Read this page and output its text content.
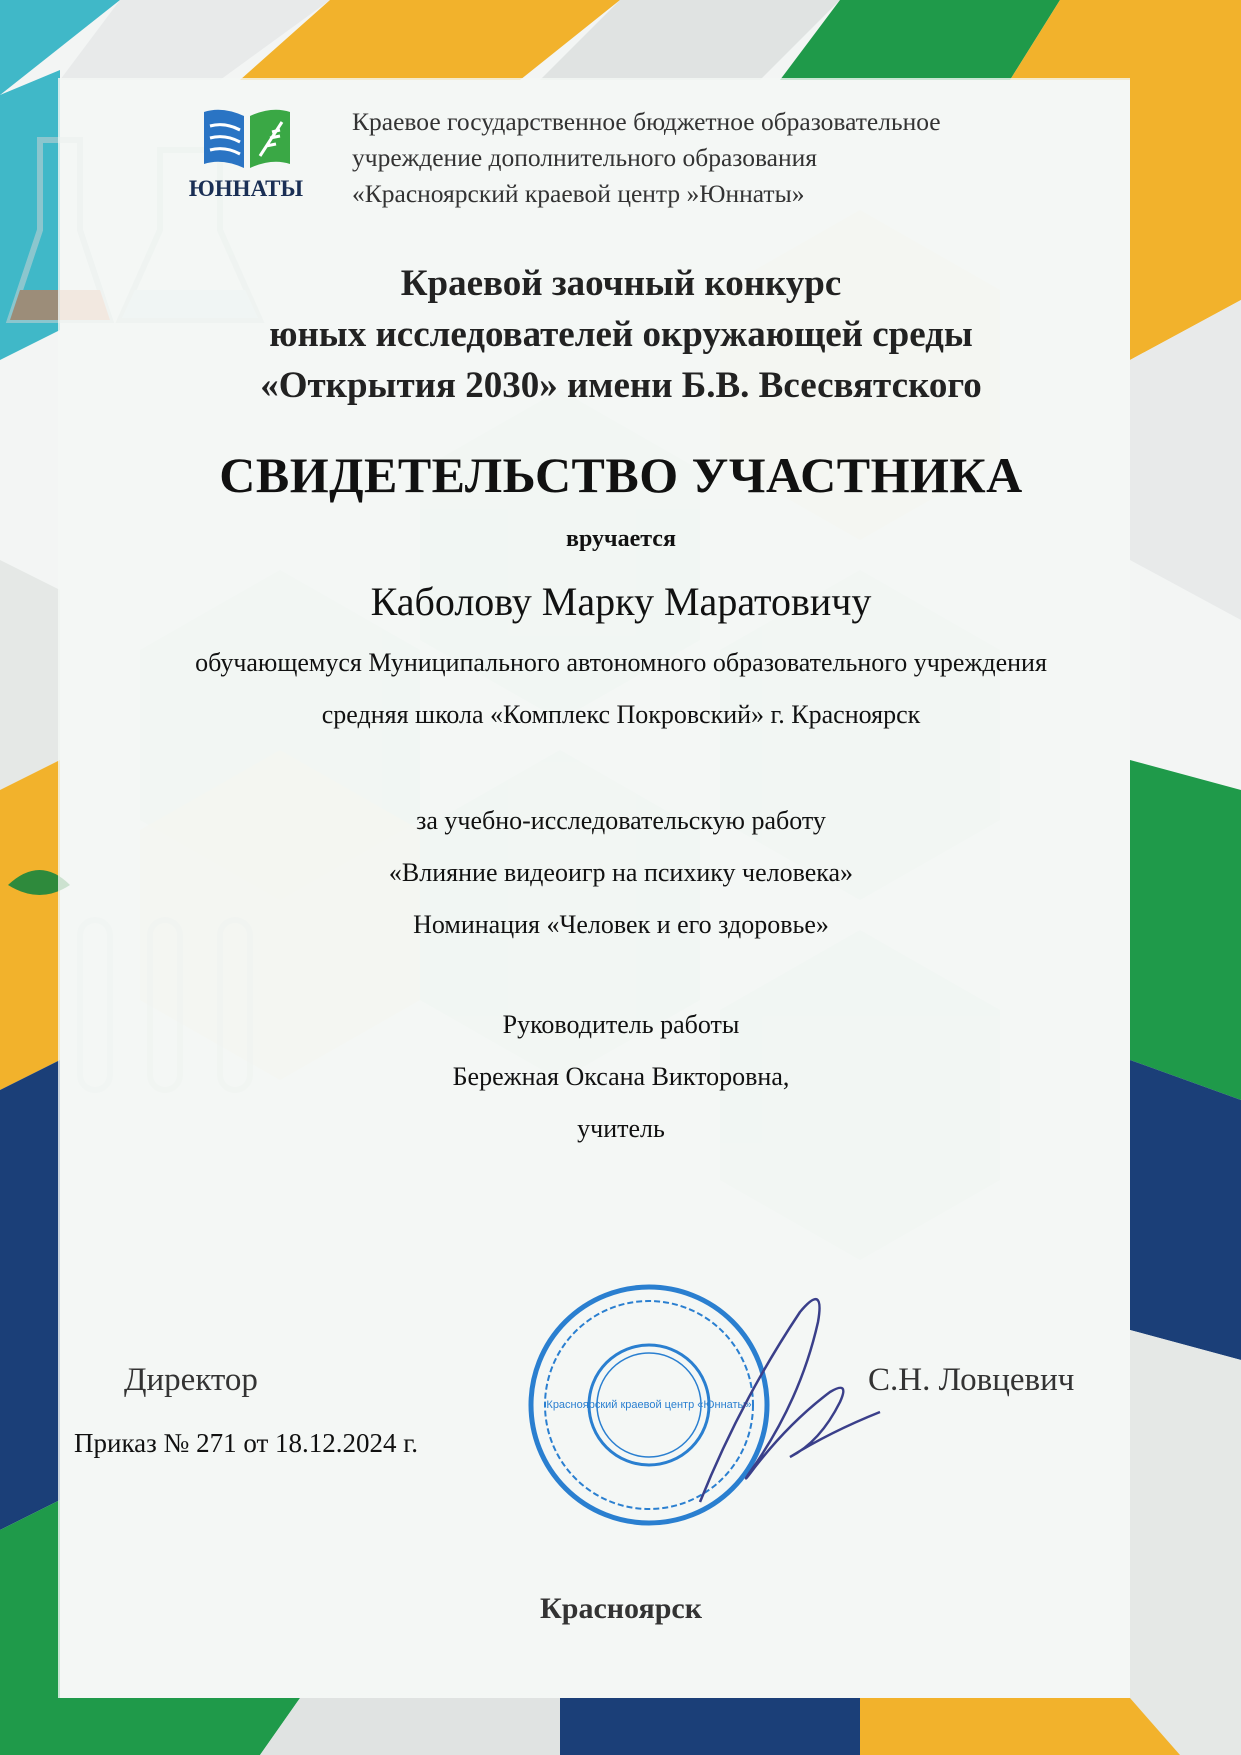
ЮННАТЫ
Краевое государственное бюджетное образовательное
учреждение дополнительного образования
«Красноярский краевой центр »Юннаты»
Краевой заочный конкурс
юных исследователей окружающей среды
«Открытия 2030» имени Б.В. Всесвятского
СВИДЕТЕЛЬСТВО УЧАСТНИКА
вручается
Каболову Марку Маратовичу
обучающемуся Муниципального автономного образовательного учреждения
средняя школа «Комплекс Покровский» г. Красноярск
за учебно-исследовательскую работу
«Влияние видеоигр на психику человека»
Номинация «Человек и его здоровье»
Руководитель работы
Бережная Оксана Викторовна,
учитель
Директор	С.Н. Ловцевич
Красноярский краевой центр «Юннаты»
Приказ № 271 от 18.12.2024 г.
Красноярск
